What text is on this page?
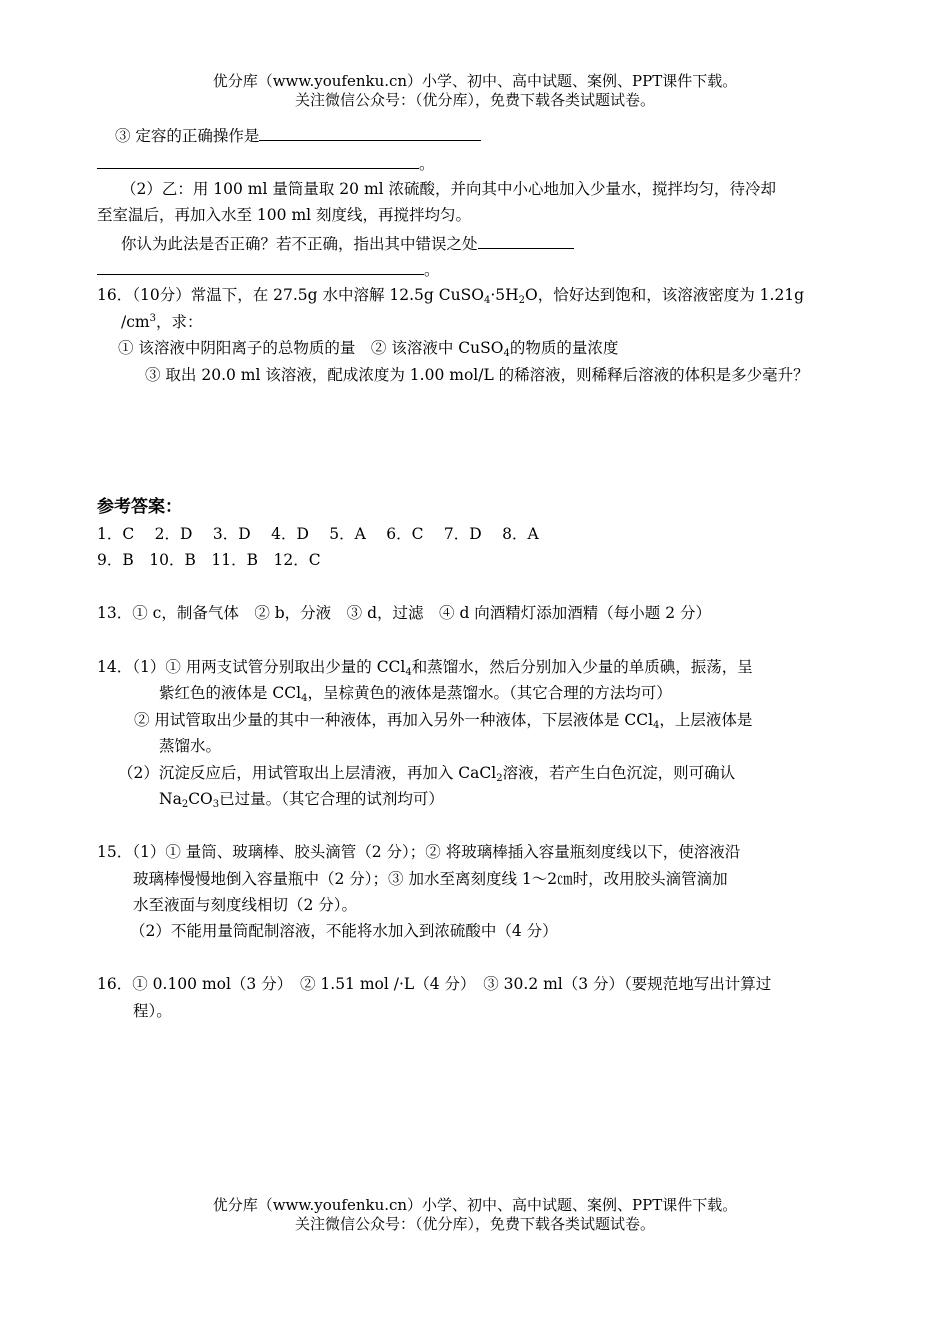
优分库（www.youfenku.cn）小学、初中、高中试题、案例、PPT课件下载。
关注微信公众号：（优分库），免费下载各类试题试卷。
③ 定容的正确操作是
。
（2）乙：用 100 ml 量筒量取 20 ml 浓硫酸，并向其中小心地加入少量水，搅拌均匀，待冷却
至室温后，再加入水至 100 ml 刻度线，再搅拌均匀。
你认为此法是否正确？若不正确，指出其中错误之处
。
16．（10分）常温下，在 27.5g 水中溶解 12.5g $CuSO_4\cdot 5H_2O$，恰好达到饱和，该溶液密度为 1.21g
$/cm^3$，求：
① 该溶液中阴阳离子的总物质的量　② 该溶液中 CuSO$_4$的物质的量浓度
③ 取出 20.0 ml 该溶液，配成浓度为 1.00 mol/L 的稀溶液，则稀释后溶液的体积是多少毫升？
参考答案：
1．C　 2．D　 3．D　 4．D　 5．A　 6．C　 7．D　 8．A
9．B　10．B　11．B　12．C
13．① c，制备气体　② b，分液　③ d，过滤　④ d 向酒精灯添加酒精（每小题 2 分）
14．（1）① 用两支试管分别取出少量的 CCl$_4$和蒸馏水，然后分别加入少量的单质碘，振荡，呈
紫红色的液体是 CCl$_4$，呈棕黄色的液体是蒸馏水。（其它合理的方法均可）
② 用试管取出少量的其中一种液体，再加入另外一种液体，下层液体是 CCl$_4$，上层液体是
蒸馏水。
（2）沉淀反应后，用试管取出上层清液，再加入 CaCl$_2$溶液，若产生白色沉淀，则可确认
$Na_2CO_3$已过量。（其它合理的试剂均可）
15．（1）① 量筒、玻璃棒、胶头滴管（2 分）；② 将玻璃棒插入容量瓶刻度线以下，使溶液沿
玻璃棒慢慢地倒入容量瓶中（2 分）；③ 加水至离刻度线 1～2㎝时，改用胶头滴管滴加
水至液面与刻度线相切（2 分）。
（2）不能用量筒配制溶液，不能将水加入到浓硫酸中（4 分）
16．① 0.100 mol（3 分）　② 1.51 mol /·L（4 分）　③ 30.2 ml（3 分）（要规范地写出计算过
程）。
优分库（www.youfenku.cn）小学、初中、高中试题、案例、PPT课件下载。
关注微信公众号：（优分库），免费下载各类试题试卷。
